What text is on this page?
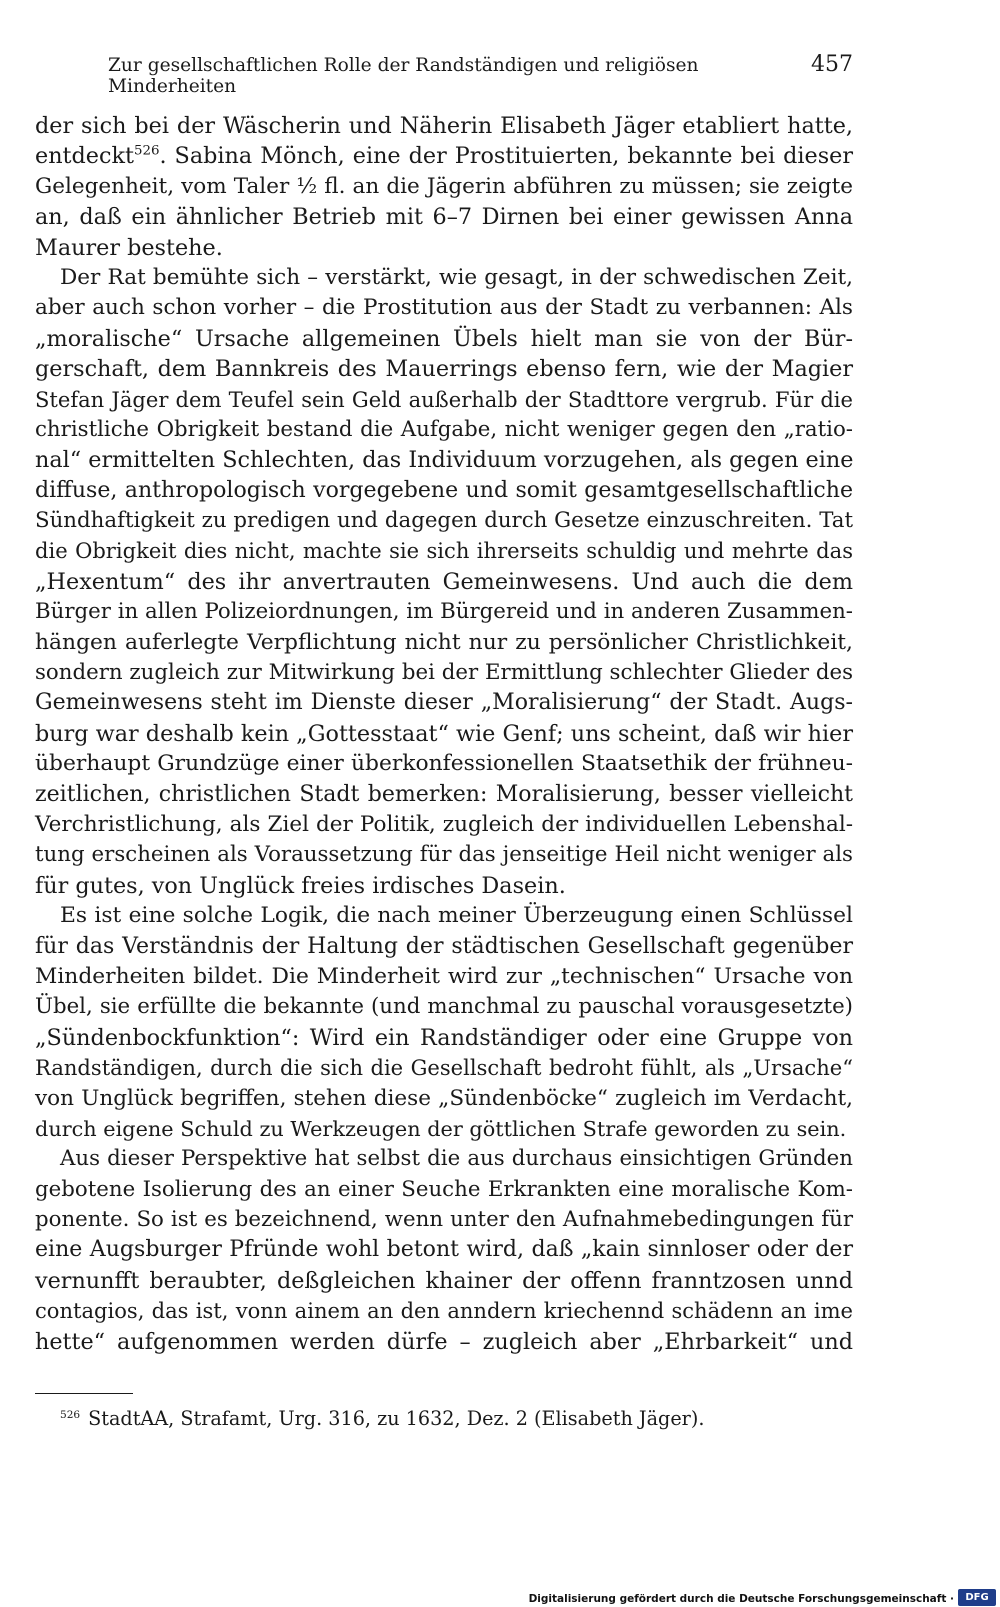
Zur gesellschaftlichen Rolle der Randständigen und religiösen Minderheiten
457
der sich bei der Wäscherin und Näherin Elisabeth Jäger etabliert hatte,
entdeckt$^{526}$. Sabina Mönch, eine der Prostituierten, bekannte bei dieser
Gelegenheit, vom Taler ½ fl. an die Jägerin abführen zu müssen; sie zeigte
an, daß ein ähnlicher Betrieb mit 6–7 Dirnen bei einer gewissen Anna
Maurer bestehe.
Der Rat bemühte sich – verstärkt, wie gesagt, in der schwedischen Zeit,
aber auch schon vorher – die Prostitution aus der Stadt zu verbannen: Als
„moralische“ Ursache allgemeinen Übels hielt man sie von der Bür-
gerschaft, dem Bannkreis des Mauerrings ebenso fern, wie der Magier
Stefan Jäger dem Teufel sein Geld außerhalb der Stadttore vergrub. Für die
christliche Obrigkeit bestand die Aufgabe, nicht weniger gegen den „ratio-
nal“ ermittelten Schlechten, das Individuum vorzugehen, als gegen eine
diffuse, anthropologisch vorgegebene und somit gesamtgesellschaftliche
Sündhaftigkeit zu predigen und dagegen durch Gesetze einzuschreiten. Tat
die Obrigkeit dies nicht, machte sie sich ihrerseits schuldig und mehrte das
„Hexentum“ des ihr anvertrauten Gemeinwesens. Und auch die dem
Bürger in allen Polizeiordnungen, im Bürgereid und in anderen Zusammen-
hängen auferlegte Verpflichtung nicht nur zu persönlicher Christlichkeit,
sondern zugleich zur Mitwirkung bei der Ermittlung schlechter Glieder des
Gemeinwesens steht im Dienste dieser „Moralisierung“ der Stadt. Augs-
burg war deshalb kein „Gottesstaat“ wie Genf; uns scheint, daß wir hier
überhaupt Grundzüge einer überkonfessionellen Staatsethik der frühneu-
zeitlichen, christlichen Stadt bemerken: Moralisierung, besser vielleicht
Verchristlichung, als Ziel der Politik, zugleich der individuellen Lebenshal-
tung erscheinen als Voraussetzung für das jenseitige Heil nicht weniger als
für gutes, von Unglück freies irdisches Dasein.
Es ist eine solche Logik, die nach meiner Überzeugung einen Schlüssel
für das Verständnis der Haltung der städtischen Gesellschaft gegenüber
Minderheiten bildet. Die Minderheit wird zur „technischen“ Ursache von
Übel, sie erfüllte die bekannte (und manchmal zu pauschal vorausgesetzte)
„Sündenbockfunktion“: Wird ein Randständiger oder eine Gruppe von
Randständigen, durch die sich die Gesellschaft bedroht fühlt, als „Ursache“
von Unglück begriffen, stehen diese „Sündenböcke“ zugleich im Verdacht,
durch eigene Schuld zu Werkzeugen der göttlichen Strafe geworden zu sein.
Aus dieser Perspektive hat selbst die aus durchaus einsichtigen Gründen
gebotene Isolierung des an einer Seuche Erkrankten eine moralische Kom-
ponente. So ist es bezeichnend, wenn unter den Aufnahmebedingungen für
eine Augsburger Pfründe wohl betont wird, daß „kain sinnloser oder der
vernunfft beraubter, deßgleichen khainer der offenn franntzosen unnd
contagios, das ist, vonn ainem an den anndern kriechennd schädenn an ime
hette“ aufgenommen werden dürfe – zugleich aber „Ehrbarkeit“ und
$^{526}$ StadtAA, Strafamt, Urg. 316, zu 1632, Dez. 2 (Elisabeth Jäger).
Digitalisierung gefördert durch die Deutsche Forschungsgemeinschaft ·	DFG
